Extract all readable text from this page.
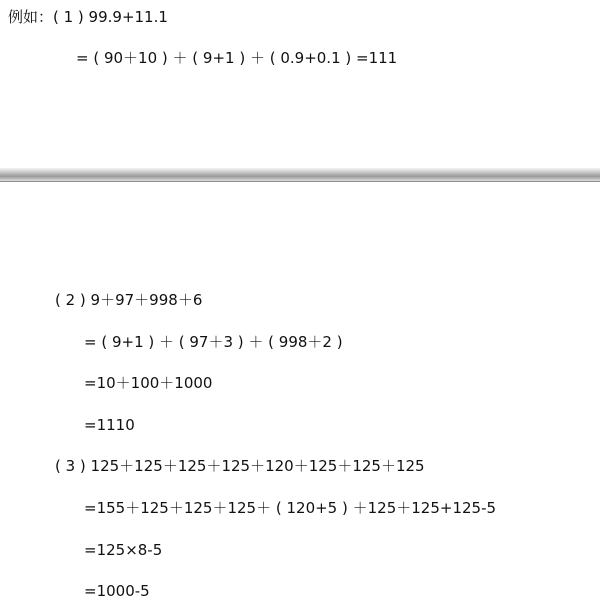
例如：( 1 ) 99.9+11.1
= ( 90＋10 ) ＋ ( 9+1 ) ＋ ( 0.9+0.1 ) =111
( 2 ) 9＋97＋998＋6
= ( 9+1 ) ＋ ( 97＋3 ) ＋ ( 998＋2 )
=10＋100＋1000
=1110
( 3 ) 125＋125＋125＋125＋120＋125＋125＋125
=155＋125＋125＋125＋ ( 120+5 ) ＋125＋125+125-5
=125×8-5
=1000-5
